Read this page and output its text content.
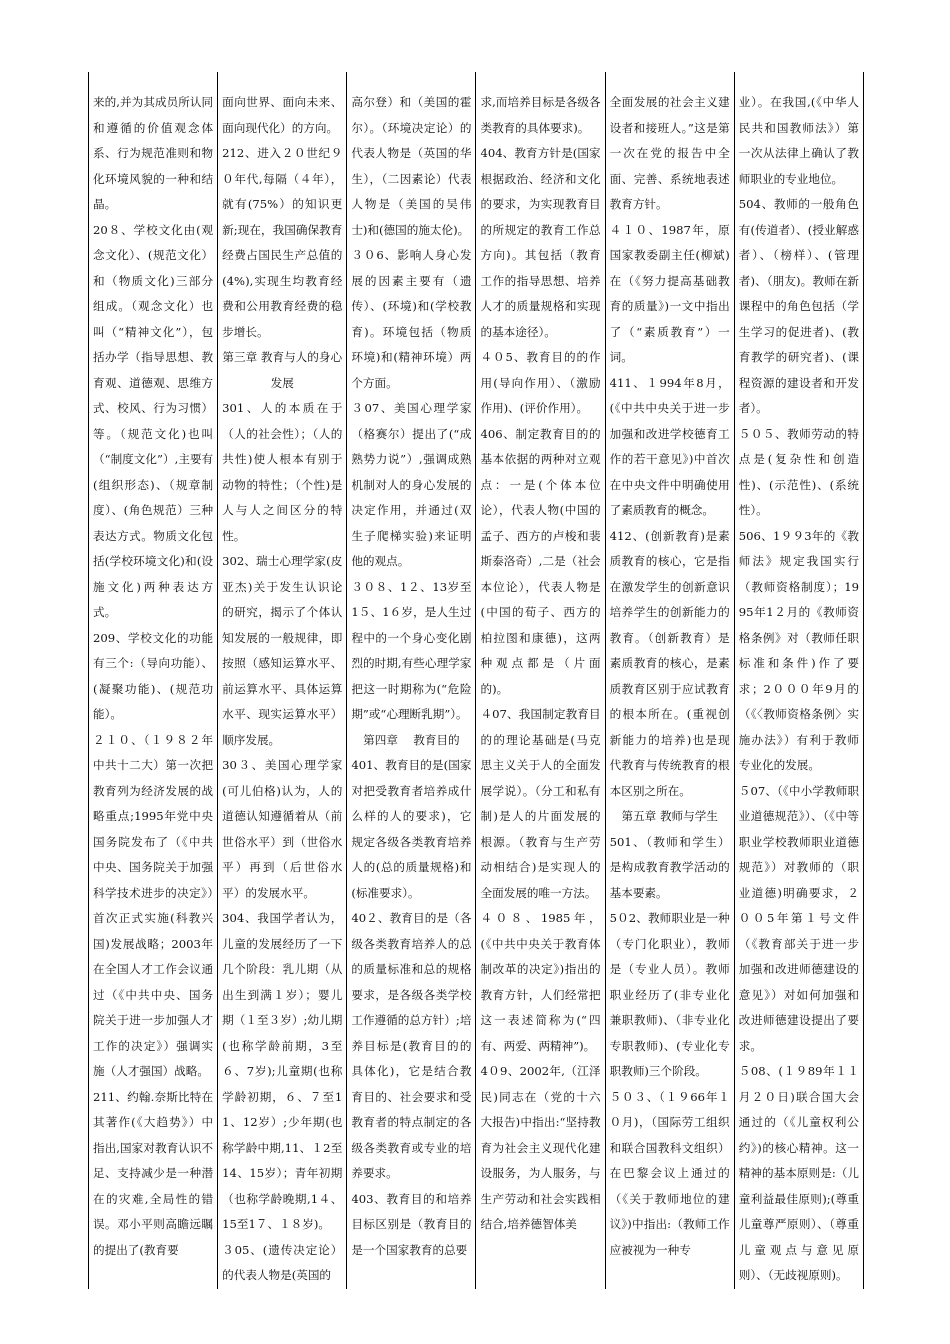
来的,并为其成员所认同和遵循的价值观念体系、行为规范准则和物化环境风貌的一种和结晶。

20８、学校文化由(观念文化）、(规范文化）和（物质文化)三部分组成。（观念文化）也叫（“精神文化”），包括办学（指导思想、教育观、道德观、思维方式、校风、行为习惯）等。（规范文化)也叫（“制度文化”）,主要有(组织形态)、（规章制度）、(角色规范）三种表达方式。物质文化包括(学校环境文化)和(设施文化)两种表达方式。

209、学校文化的功能有三个:（导向功能）、(凝聚功能)、(规范功能）。

２１０、（１９８２年中共十二大）第一次把教育列为经济发展的战略重点;1995年党中央国务院发布了（《中共中央、国务院关于加强科学技术进步的决定》）首次正式实施(科教兴国)发展战略；2003年在全国人才工作会议通过（《中共中央、国务院关于进一步加强人才工作的决定》）强调实施（人才强国）战略。

211、约翰.奈斯比特在其著作(《大趋势》）中指出,国家对教育认识不足、支持减少是一种潜在的灾难,全局性的错误。邓小平则高瞻远瞩的提出了(教育要

面向世界、面向未来、面向现代化）的方向。

212、进入２０世纪９０年代,每隔（４年），就有(75%）的知识更新;现在，我国确保教育经费占国民生产总值的(4%),实现生均教育经费和公用教育经费的稳步增长。

第三章 教育与人的身心发展

301、人的本质在于（人的社会性）；（人的共性)使人根本有别于动物的特性；（个性)是人与人之间区分的特性。

302、瑞士心理学家(皮亚杰)关于发生认识论的研究，揭示了个体认知发展的一般规律，即按照（感知运算水平、前运算水平、具体运算水平、现实运算水平）顺序发展。

30３、美国心理学家(可儿伯格)认为，人的道德认知遵循着从（前世俗水平）到（世俗水平）再到（后世俗水平）的发展水平。

304、我国学者认为，儿童的发展经历了一下几个阶段：乳儿期（从出生到满１岁）；婴儿期（１至３岁）;幼儿期(也称学龄前期，3至６、7岁);儿童期(也称学龄初期，６、７至11、12岁）;少年期(也称学龄中期,11、１2至14、15岁）；青年初期（也称学龄晚期,1４、15至1７、１８岁)。

３05、(遗传决定论）的代表人物是(英国的

高尔登）和（美国的霍尔）。（环境决定论）的代表人物是（英国的华生），（二因素论）代表人物是（美国的吴伟士)和(德国的施太伦)。

３０6、影响人身心发展的因素主要有（遗传）、(环境)和(学校教育)。环境包括（物质环境)和(精神环境）两个方面。

３07、美国心理学家（格赛尔）提出了(“成熟势力说”）,强调成熟机制对人的身心发展的决定作用，并通过(双生子爬梯实验)来证明他的观点。

３０８、1２、13岁至1５、1６岁，是人生过程中的一个身心变化剧烈的时期,有些心理学家把这一时期称为(“危险期”或“心理断乳期”）。

第四章　 教育目的

401、教育目的是(国家对把受教育者培养成什么样的人的要求)，它规定各级各类教育培养人的(总的质量规格)和(标准要求）。

40２、教育目的是（各级各类教育培养人的总的质量标准和总的规格要求，是各级各类学校工作遵循的总方针）;培养目标是(教育目的的具体化)，它是结合教育目的、社会要求和受教育者的特点制定的各级各类教育或专业的培养要求。

403、教育目的和培养目标区别是（教育目的是一个国家教育的总要

求,而培养目标是各级各类教育的具体要求)。

404、教育方针是(国家根据政治、经济和文化的要求，为实现教育目的所规定的教育工作总方向)。其包括（教育工作的指导思想、培养人才的质量规格和实现的基本途径）。

４０5、教育目的的作用(导向作用）、（激励作用)、(评价作用）。

406、制定教育目的的基本依据的两种对立观点：一是(个体本位论），代表人物(中国的孟子、西方的卢梭和裴斯泰洛奇）,二是（社会本位论），代表人物是(中国的荀子、西方的柏拉图和康德)，这两种观点都是（片面的)。

４07、我国制定教育目的的理论基础是(马克思主义关于人的全面发展学说）。（分工和私有制)是人的片面发展的根源。（教育与生产劳动相结合)是实现人的全面发展的唯一方法。

４０８、1985年，(《中共中央关于教育体制改革的决定》)指出的教育方针，人们经常把这一表述简称为(“四有、两爱、两精神”)。

4０9、2002年,（江泽民)同志在（党的十六大报告)中指出:“坚持教育为社会主义现代化建设服务，为人服务，与生产劳动和社会实践相结合,培养德智体美

全面发展的社会主义建设者和接班人。”这是第一次在党的报告中全面、完善、系统地表述教育方针。

４１０、1987年，原国家教委副主任(柳斌)在（《努力提高基础教育的质量》)一文中指出了（“素质教育”）一词。

411、１994年8月，(《中共中央关于进一步加强和改进学校德育工作的若干意见》)中首次在中央文件中明确使用了素质教育的概念。

412、(创新教育)是素质教育的核心，它是指在激发学生的创新意识培养学生的创新能力的教育。（创新教育）是素质教育的核心，是素质教育区别于应试教育的根本所在。(重视创新能力的培养)也是现代教育与传统教育的根本区别之所在。

第五章 教师与学生

501、（教师和学生）是构成教育教学活动的基本要素。

5０2、教师职业是一种（专门化职业），教师是（专业人员）。教师职业经历了(非专业化兼职教师)、（非专业化专职教师)、(专业化专职教师)三个阶段。

５０３、（１９66年１０月)，（国际劳工组织和联合国教科文组织）在巴黎会议上通过的（《关于教师地位的建议》)中指出:（教师工作应被视为一种专

业）。在我国,(《中华人民共和国教师法》）第一次从法律上确认了教师职业的专业地位。

504、教师的一般角色有(传道者）、(授业解惑者）、（榜样）、(管理者)、（朋友)。教师在新课程中的角色包括（学生学习的促进者)、(教育教学的研究者)、(课程资源的建设者和开发者）。

５０５、教师劳动的特点是(复杂性和创造性)、(示范性)、(系统性）。

506、1９９3年的《教师法》规定我国实行（教师资格制度）；1995年1２月的《教师资格条例》对（教师任职标准和条件)作了要求；2０００年9月的（《〈教师资格条例〉实施办法》）有利于教师专业化的发展。

５07、（《中小学教师职业道德规范》）、（《中等职业学校教师职业道德规范》）对教师的（职业道德)明确要求，２００5年第１号文件（《教育部关于进一步加强和改进师德建设的意见》）对如何加强和改进师德建设提出了要求。

５08、(１９89年１１月２０日)联合国大会通过的（《儿童权利公约》)的核心精神。这一精神的基本原则是:（儿童利益最佳原则);(尊重儿童尊严原则）、（尊重儿童观点与意见原则）、（无歧视原则)。
